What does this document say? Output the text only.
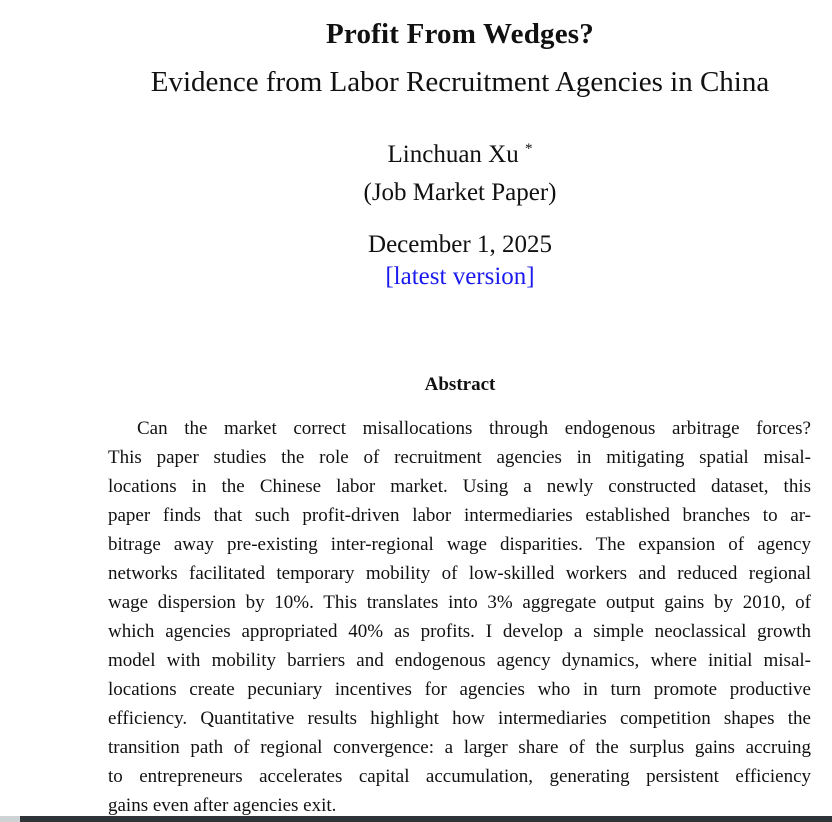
Profit From Wedges?
Evidence from Labor Recruitment Agencies in China
Linchuan Xu *
(Job Market Paper)
December 1, 2025
[latest version]
Abstract
Can the market correct misallocations through endogenous arbitrage forces?
This paper studies the role of recruitment agencies in mitigating spatial misal-
locations in the Chinese labor market. Using a newly constructed dataset, this
paper finds that such profit-driven labor intermediaries established branches to ar-
bitrage away pre-existing inter-regional wage disparities. The expansion of agency
networks facilitated temporary mobility of low-skilled workers and reduced regional
wage dispersion by 10%. This translates into 3% aggregate output gains by 2010, of
which agencies appropriated 40% as profits. I develop a simple neoclassical growth
model with mobility barriers and endogenous agency dynamics, where initial misal-
locations create pecuniary incentives for agencies who in turn promote productive
efficiency. Quantitative results highlight how intermediaries competition shapes the
transition path of regional convergence: a larger share of the surplus gains accruing
to entrepreneurs accelerates capital accumulation, generating persistent efficiency
gains even after agencies exit.
